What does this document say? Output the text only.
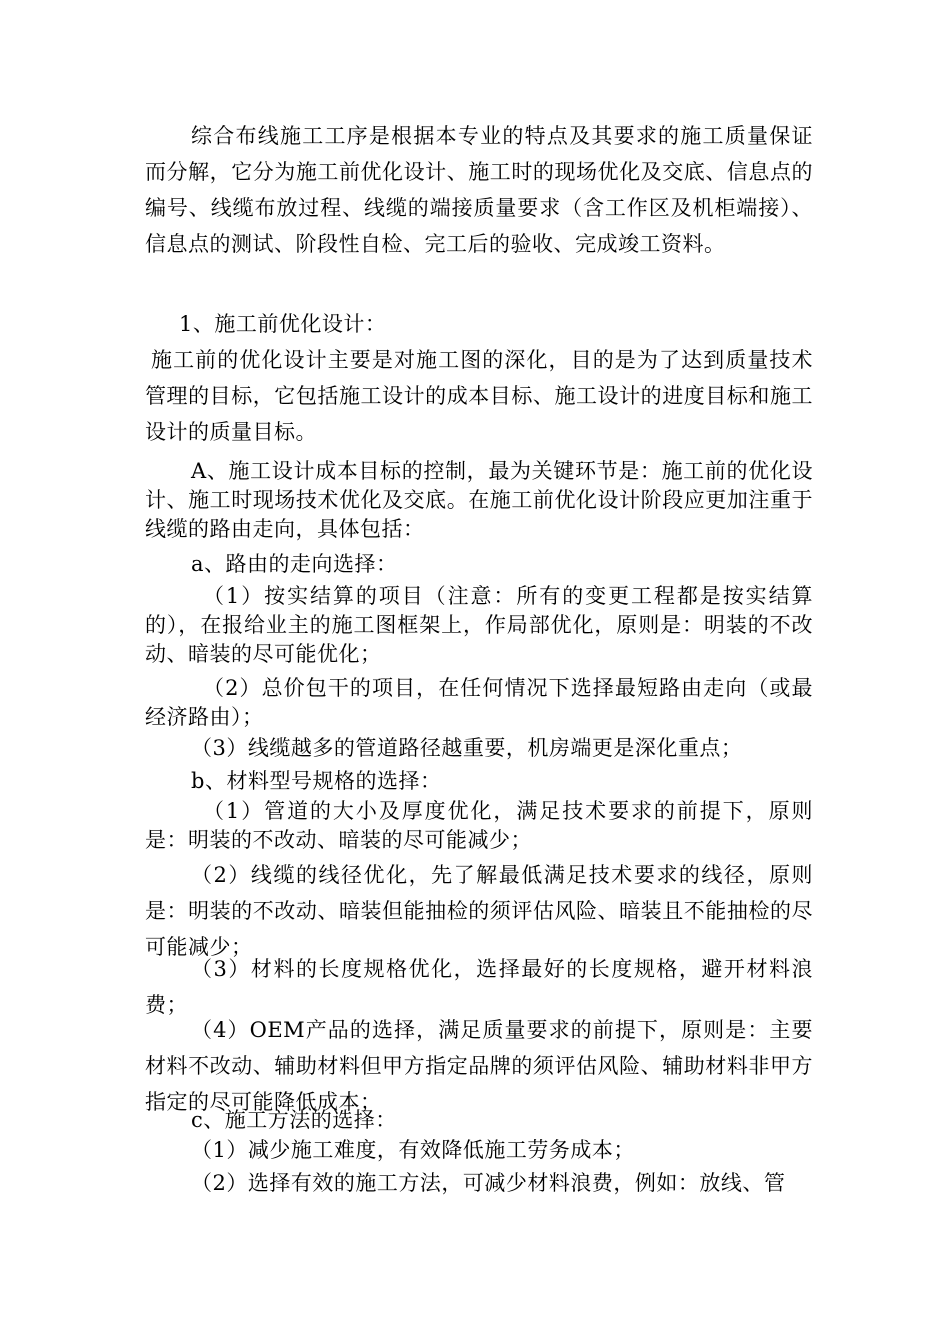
综合布线施工工序是根据本专业的特点及其要求的施工质量保证而分解，它分为施工前优化设计、施工时的现场优化及交底、信息点的编号、线缆布放过程、线缆的端接质量要求（含工作区及机柜端接）、信息点的测试、阶段性自检、完工后的验收、完成竣工资料。

1、施工前优化设计：

施工前的优化设计主要是对施工图的深化，目的是为了达到质量技术管理的目标，它包括施工设计的成本目标、施工设计的进度目标和施工设计的质量目标。

A、施工设计成本目标的控制，最为关键环节是：施工前的优化设计、施工时现场技术优化及交底。在施工前优化设计阶段应更加注重于线缆的路由走向，具体包括：

a、路由的走向选择：

（1）按实结算的项目（注意：所有的变更工程都是按实结算的），在报给业主的施工图框架上，作局部优化，原则是：明装的不改动、暗装的尽可能优化；

（2）总价包干的项目，在任何情况下选择最短路由走向（或最经济路由）；

（3）线缆越多的管道路径越重要，机房端更是深化重点；

b、材料型号规格的选择：

（1）管道的大小及厚度优化，满足技术要求的前提下，原则是：明装的不改动、暗装的尽可能减少；

（2）线缆的线径优化，先了解最低满足技术要求的线径，原则是：明装的不改动、暗装但能抽检的须评估风险、暗装且不能抽检的尽可能减少；

（3）材料的长度规格优化，选择最好的长度规格，避开材料浪费；

（4）OEM产品的选择，满足质量要求的前提下，原则是：主要材料不改动、辅助材料但甲方指定品牌的须评估风险、辅助材料非甲方指定的尽可能降低成本；

c、施工方法的选择：

（1）减少施工难度，有效降低施工劳务成本；

（2）选择有效的施工方法，可减少材料浪费，例如：放线、管
